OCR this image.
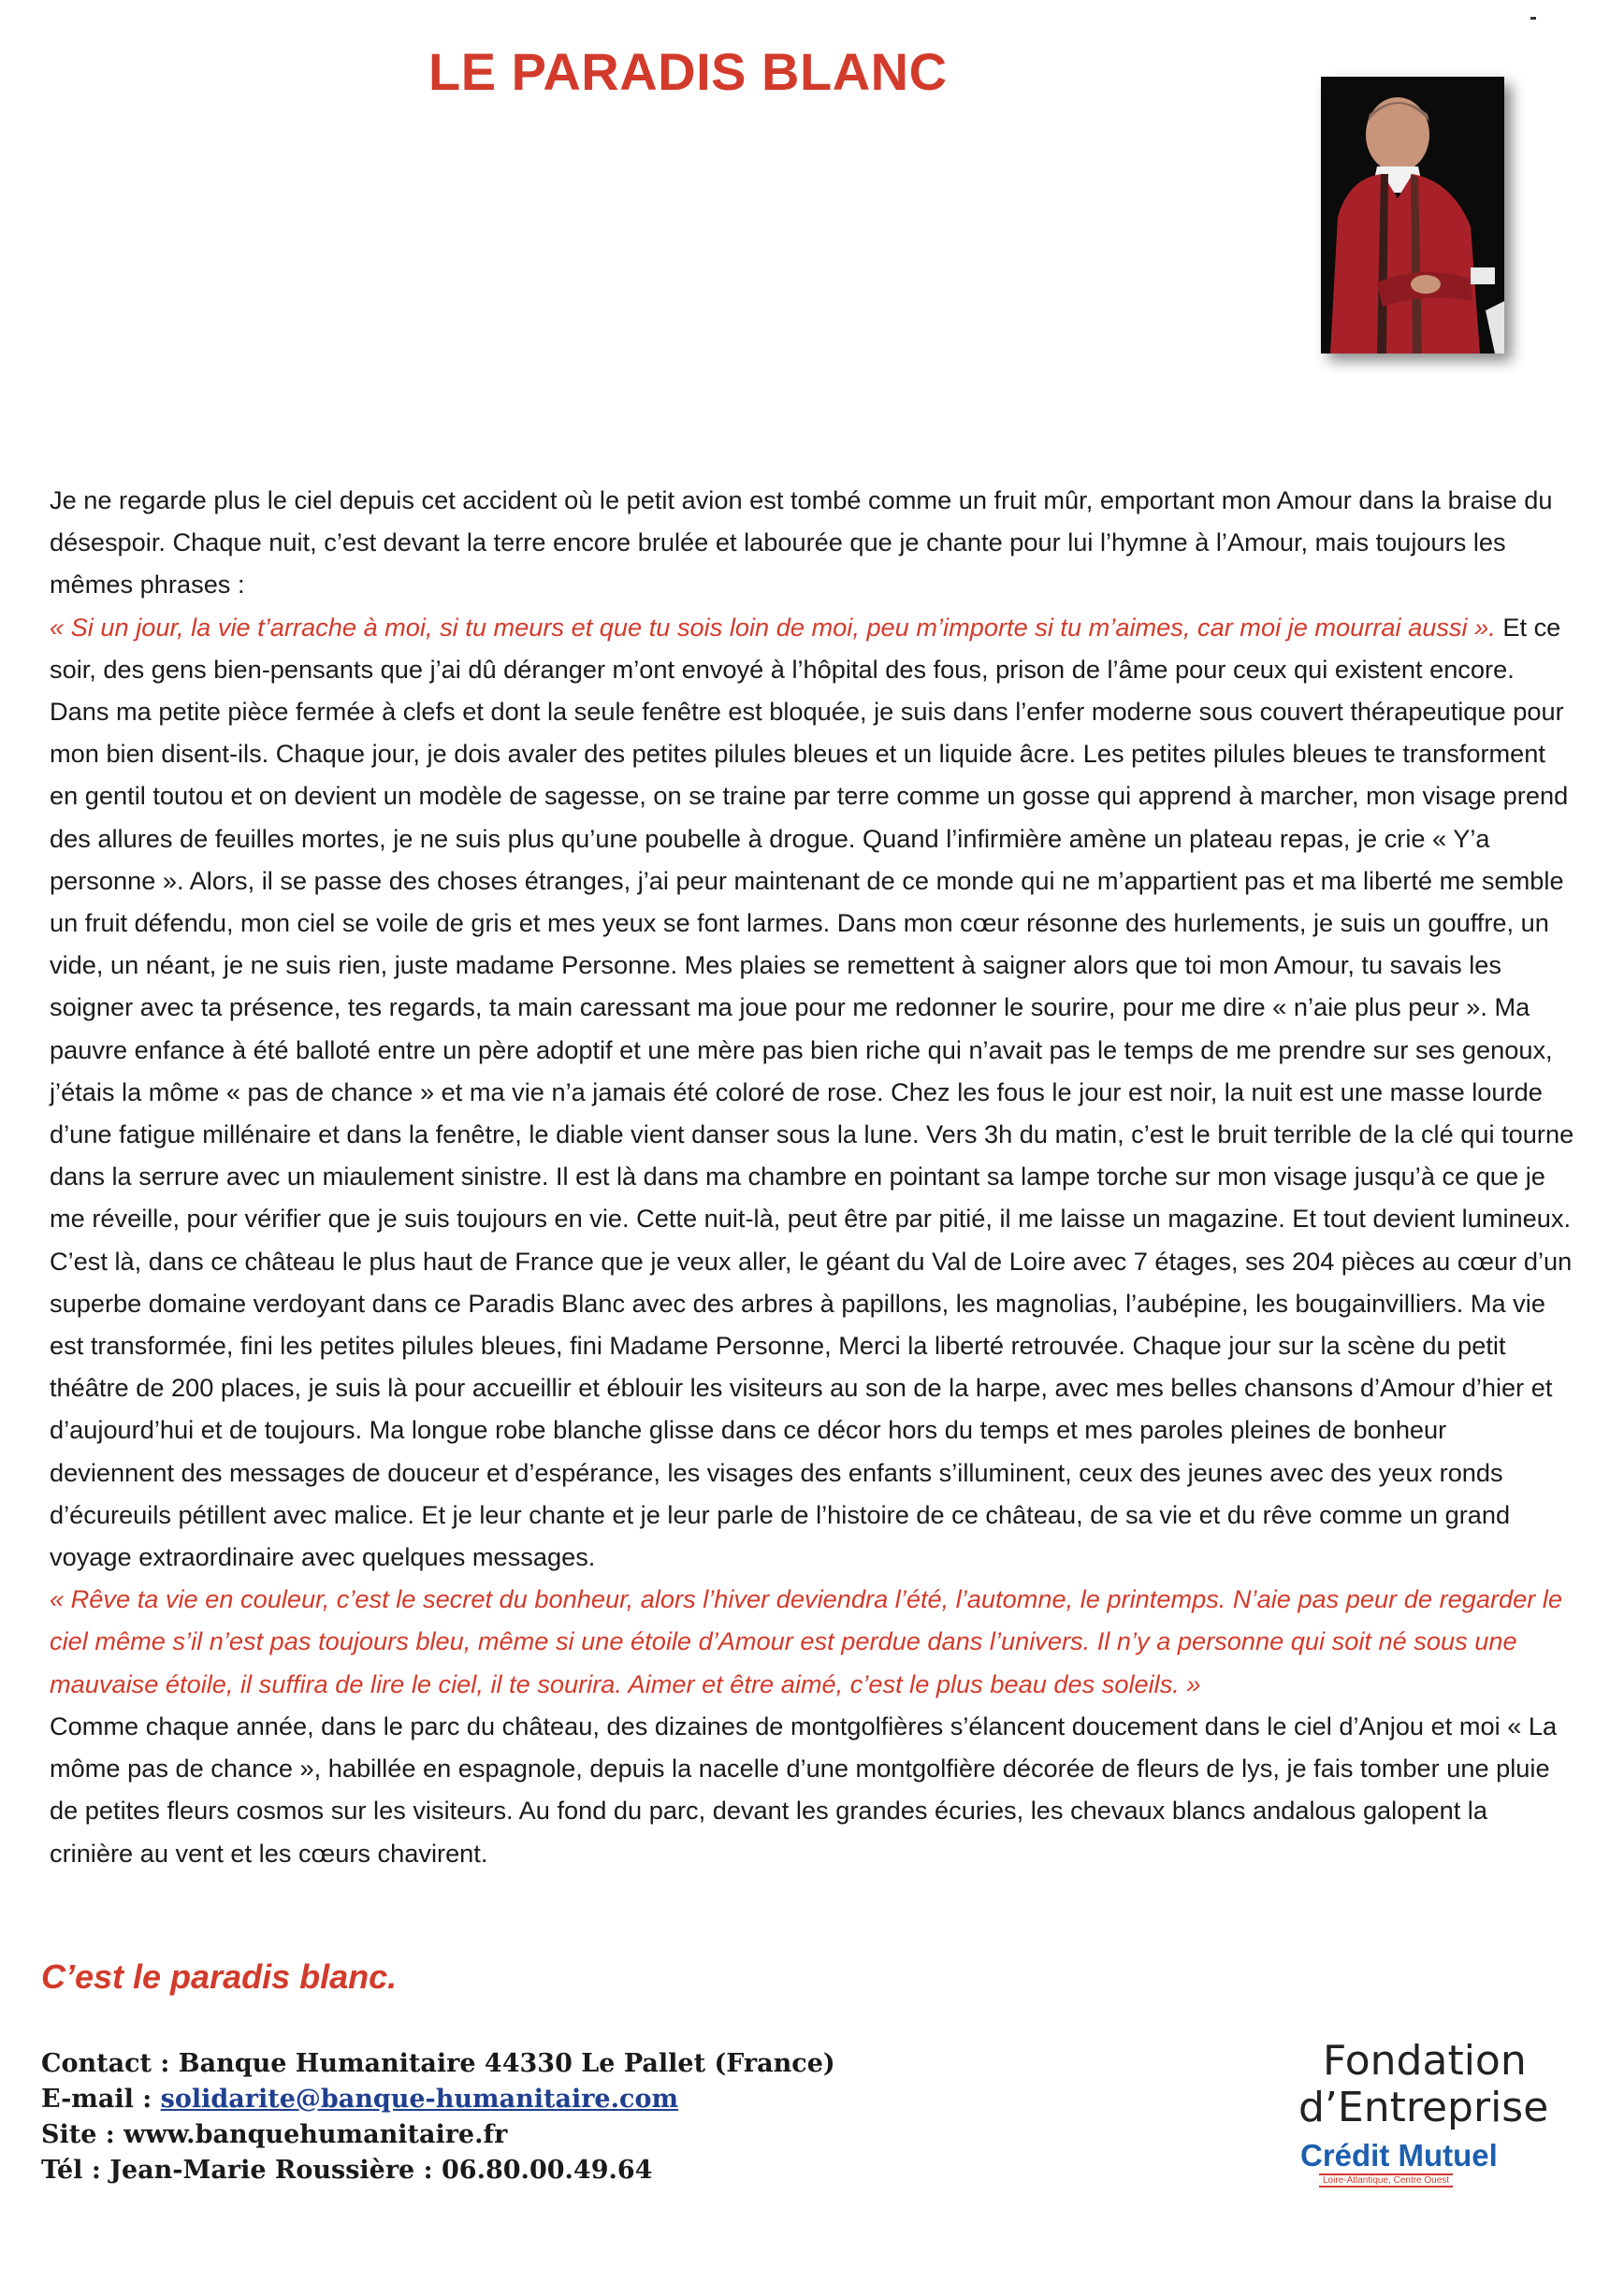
LE PARADIS BLANC

Je ne regarde plus le ciel depuis cet accident où le petit avion est tombé comme un fruit mûr, emportant mon Amour dans la braise du désespoir. Chaque nuit, c’est devant la terre encore brulée et labourée que je chante pour lui l’hymne à l’Amour, mais toujours les mêmes phrases :

« Si un jour, la vie t’arrache à moi, si tu meurs et que tu sois loin de moi, peu m’importe si tu m’aimes, car moi je mourrai aussi ». Et ce soir, des gens bien-pensants que j’ai dû déranger m’ont envoyé à l’hôpital des fous, prison de l’âme pour ceux qui existent encore. Dans ma petite pièce fermée à clefs et dont la seule fenêtre est bloquée, je suis dans l’enfer moderne sous couvert thérapeutique pour mon bien disent-ils. Chaque jour, je dois avaler des petites pilules bleues et un liquide âcre. Les petites pilules bleues te transforment en gentil toutou et on devient un modèle de sagesse, on se traine par terre comme un gosse qui apprend à marcher, mon visage prend des allures de feuilles mortes, je ne suis plus qu’une poubelle à drogue. Quand l’infirmière amène un plateau repas, je crie « Y’a personne ». Alors, il se passe des choses étranges, j’ai peur maintenant de ce monde qui ne m’appartient pas et ma liberté me semble un fruit défendu, mon ciel se voile de gris et mes yeux se font larmes. Dans mon cœur résonne des hurlements, je suis un gouffre, un vide, un néant, je ne suis rien, juste madame Personne. Mes plaies se remettent à saigner alors que toi mon Amour, tu savais les soigner avec ta présence, tes regards, ta main caressant ma joue pour me redonner le sourire, pour me dire « n’aie plus peur ». Ma pauvre enfance à été balloté entre un père adoptif et une mère pas bien riche qui n’avait pas le temps de me prendre sur ses genoux, j’étais la môme « pas de chance » et ma vie n’a jamais été coloré de rose. Chez les fous le jour est noir, la nuit est une masse lourde d’une fatigue millénaire et dans la fenêtre, le diable vient danser sous la lune. Vers 3h du matin, c’est le bruit terrible de la clé qui tourne dans la serrure avec un miaulement sinistre. Il est là dans ma chambre en pointant sa lampe torche sur mon visage jusqu’à ce que je me réveille, pour vérifier que je suis toujours en vie. Cette nuit-là, peut être par pitié, il me laisse un magazine. Et tout devient lumineux.

C’est là, dans ce château le plus haut de France que je veux aller, le géant du Val de Loire avec 7 étages, ses 204 pièces au cœur d’un superbe domaine verdoyant dans ce Paradis Blanc avec des arbres à papillons, les magnolias, l’aubépine, les bougainvilliers. Ma vie est transformée, fini les petites pilules bleues, fini Madame Personne, Merci la liberté retrouvée. Chaque jour sur la scène du petit théâtre de 200 places, je suis là pour accueillir et éblouir les visiteurs au son de la harpe, avec mes belles chansons d’Amour d’hier et d’aujourd’hui et de toujours. Ma longue robe blanche glisse dans ce décor hors du temps et mes paroles pleines de bonheur deviennent des messages de douceur et d’espérance, les visages des enfants s’illuminent, ceux des jeunes avec des yeux ronds d’écureuils pétillent avec malice. Et je leur chante et je leur parle de l’histoire de ce château, de sa vie et du rêve comme un grand voyage extraordinaire avec quelques messages.

« Rêve ta vie en couleur, c’est le secret du bonheur, alors l’hiver deviendra l’été, l’automne, le printemps. N’aie pas peur de regarder le ciel même s’il n’est pas toujours bleu, même si une étoile d’Amour est perdue dans l’univers. Il n’y a personne qui soit né sous une mauvaise étoile, il suffira de lire le ciel, il te sourira. Aimer et être aimé, c’est le plus beau des soleils. »

Comme chaque année, dans le parc du château, des dizaines de montgolfières s’élancent doucement dans le ciel d’Anjou et moi « La môme pas de chance », habillée en espagnole, depuis la nacelle d’une montgolfière décorée de fleurs de lys, je fais tomber une pluie de petites fleurs cosmos sur les visiteurs. Au fond du parc, devant les grandes écuries, les chevaux blancs andalous galopent la crinière au vent et les cœurs chavirent.

C’est le paradis blanc.
Contact : Banque Humanitaire 44330 Le Pallet (France)
E-mail : solidarite@banque-humanitaire.com
Site : www.banquehumanitaire.fr
Tél : Jean-Marie Roussière : 06.80.00.49.64
Fondation
d’Entreprise
Crédit Mutuel
Loire-Atlantique, Centre Ouest
